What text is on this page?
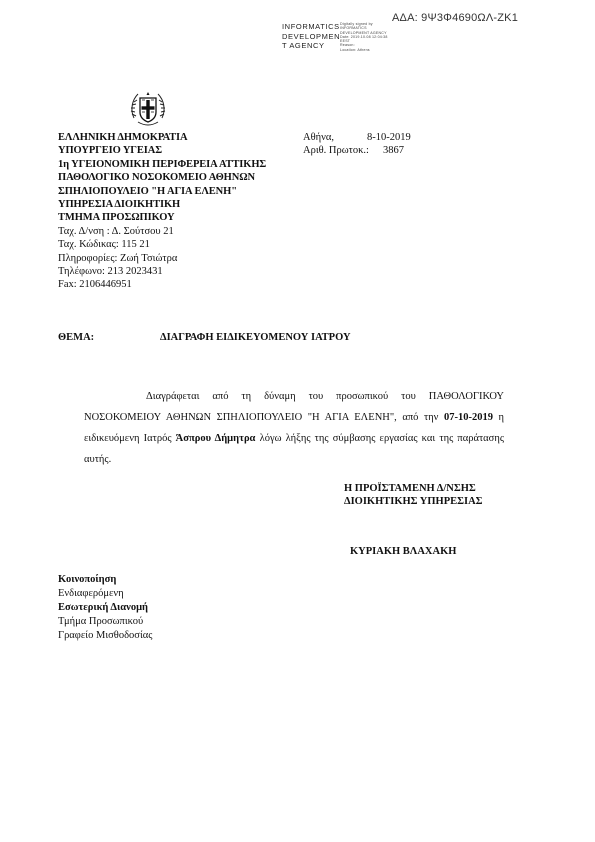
ΑΔΑ: 9Ψ3Φ4690ΩΛ-ΖΚ1
INFORMATICS
DEVELOPMEN
T AGENCY
Digitally signed by
INFORMATICS
DEVELOPMENT AGENCY
Date: 2019.10.08 12:04:38
EEST
Reason:
Location: Athens
ΕΛΛΗΝΙΚΗ ΔΗΜΟΚΡΑΤΙΑ
ΥΠΟΥΡΓΕΙΟ ΥΓΕΙΑΣ
1η ΥΓΕΙΟΝΟΜΙΚΗ ΠΕΡΙΦΕΡΕΙΑ ΑΤΤΙΚΗΣ
ΠΑΘΟΛΟΓΙΚΟ ΝΟΣΟΚΟΜΕΙΟ ΑΘΗΝΩΝ
ΣΠΗΛΙΟΠΟΥΛΕΙΟ "Η ΑΓΙΑ ΕΛΕΝΗ"
ΥΠΗΡΕΣΙΑ ΔΙΟΙΚΗΤΙΚΗ
ΤΜΗΜΑ ΠΡΟΣΩΠΙΚΟΥ
Ταχ. Δ/νση : Δ. Σούτσου 21
Ταχ. Κώδικας: 115 21
Πληροφορίες: Ζωή Τσιώτρα
Τηλέφωνο: 213 2023431
Fax: 2106446951
Αθήνα,	8-10-2019
Αριθ. Πρωτοκ.: 3867
ΘΕΜΑ:	ΔΙΑΓΡΑΦΗ ΕΙΔΙΚΕΥΟΜΕΝΟΥ ΙΑΤΡΟΥ
Διαγράφεται από τη δύναμη του προσωπικού του ΠΑΘΟΛΟΓΙΚΟΥ ΝΟΣΟΚΟΜΕΙΟΥ ΑΘΗΝΩΝ ΣΠΗΛΙΟΠΟΥΛΕΙΟ "Η ΑΓΙΑ ΕΛΕΝΗ", από την 07-10-2019 η ειδικευόμενη Ιατρός Άσπρου Δήμητρα λόγω λήξης της σύμβασης εργασίας και της παράτασης αυτής.
Η ΠΡΟΪΣΤΑΜΕΝΗ Δ/ΝΣΗΣ
ΔΙΟΙΚΗΤΙΚΗΣ ΥΠΗΡΕΣΙΑΣ
ΚΥΡΙΑΚΗ ΒΛΑΧΑΚΗ
Κοινοποίηση
Ενδιαφερόμενη
Εσωτερική Διανομή
Τμήμα Προσωπικού
Γραφείο Μισθοδοσίας
